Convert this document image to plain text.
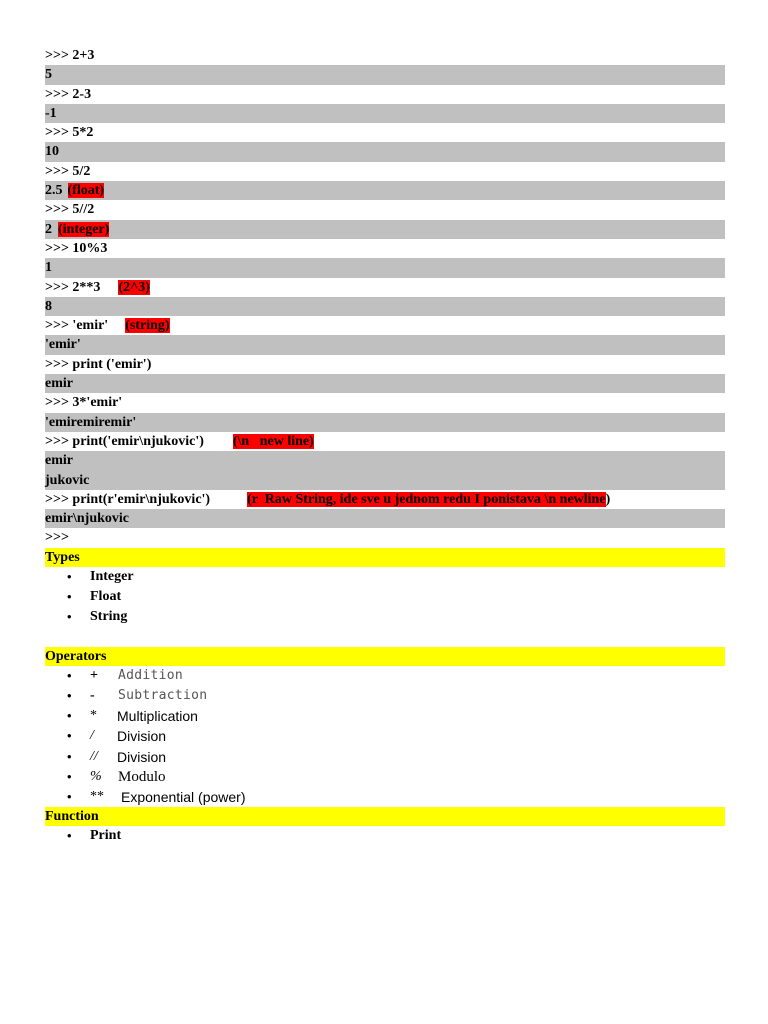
>>> 2+3
5
>>> 2-3
-1
>>> 5*2
10
>>> 5/2
2.5 (float)
>>> 5//2
2 (integer)
>>> 10%3
1
>>> 2**3 (2^3)
8
>>> 'emir' (string)
'emir'
>>> print ('emir')
emir
>>> 3*'emir'
'emiremiremir'
>>> print('emir\njukovic') (\n   new line)
emir
jukovic
>>> print(r'emir\njukovic')	(r  Raw String, ide sve u jednom redu I ponistava \n newline)
emir\njukovic
>>>
Types
• Integer
• Float
• String
Operators
• + Addition
• - Subtraction
• * Multiplication
• / Division
• // Division
• % Modulo
• ** Exponential (power)
Function
• Print
